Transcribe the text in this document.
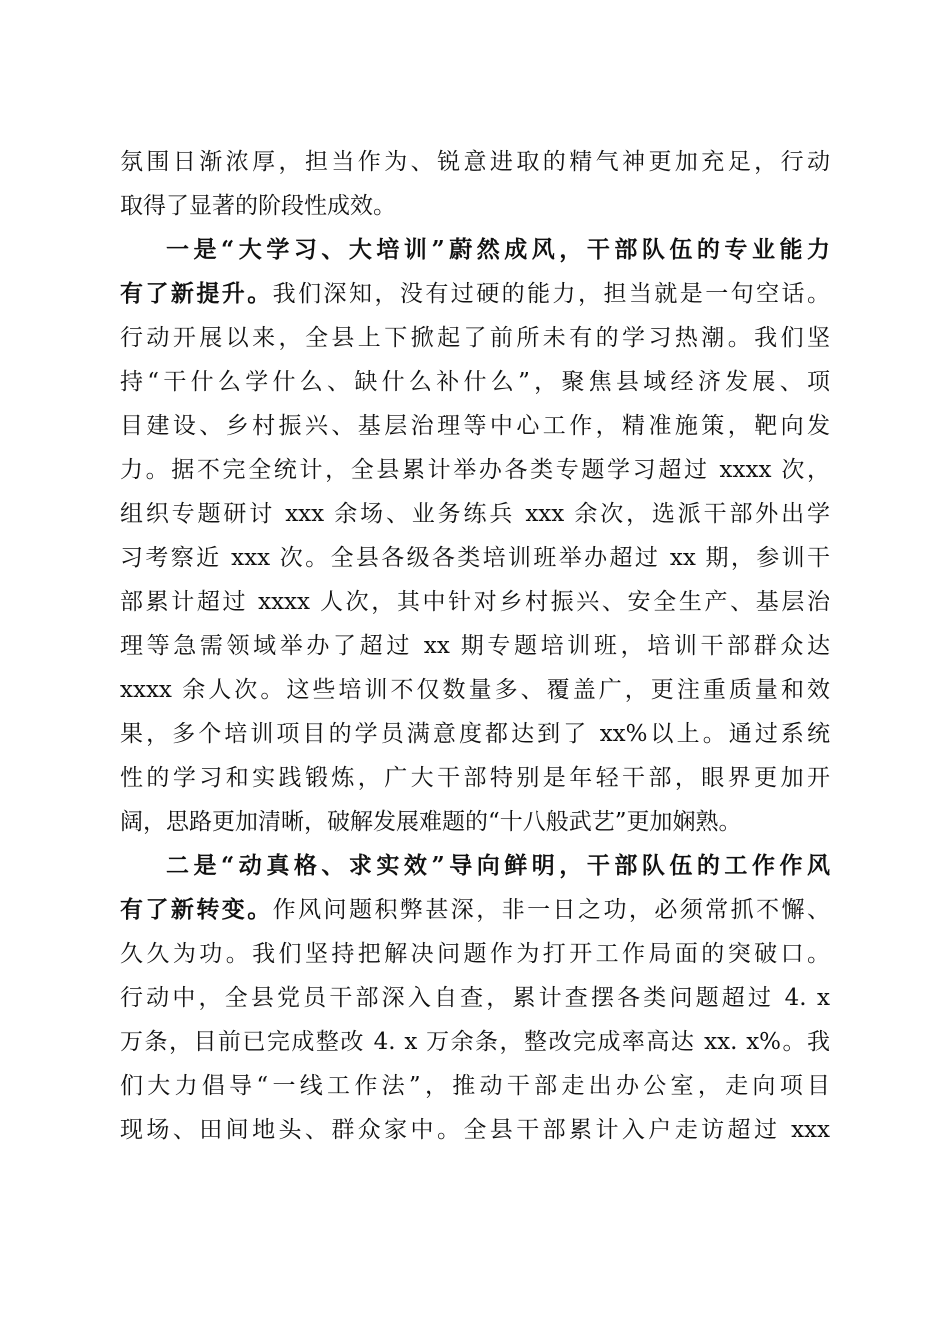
氛围日渐浓厚，担当作为、锐意进取的精气神更加充足，行动
取得了显著的阶段性成效。
一是“大学习、大培训”蔚然成风，干部队伍的专业能力
有了新提升。我们深知，没有过硬的能力，担当就是一句空话。
行动开展以来，全县上下掀起了前所未有的学习热潮。我们坚
持“干什么学什么、缺什么补什么”，聚焦县域经济发展、项
目建设、乡村振兴、基层治理等中心工作，精准施策，靶向发
力。据不完全统计，全县累计举办各类专题学习超过 xxxx 次，
组织专题研讨 xxx 余场、业务练兵 xxx 余次，选派干部外出学
习考察近 xxx 次。全县各级各类培训班举办超过 xx 期，参训干
部累计超过 xxxx 人次，其中针对乡村振兴、安全生产、基层治
理等急需领域举办了超过 xx 期专题培训班，培训干部群众达
xxxx 余人次。这些培训不仅数量多、覆盖广，更注重质量和效
果，多个培训项目的学员满意度都达到了 xx%以上。通过系统
性的学习和实践锻炼，广大干部特别是年轻干部，眼界更加开
阔，思路更加清晰，破解发展难题的“十八般武艺”更加娴熟。
二是“动真格、求实效”导向鲜明，干部队伍的工作作风
有了新转变。作风问题积弊甚深，非一日之功，必须常抓不懈、
久久为功。我们坚持把解决问题作为打开工作局面的突破口。
行动中，全县党员干部深入自查，累计查摆各类问题超过 4. x
万条，目前已完成整改 4. x 万余条，整改完成率高达 xx. x%。我
们大力倡导“一线工作法”，推动干部走出办公室，走向项目
现场、田间地头、群众家中。全县干部累计入户走访超过 xxx
